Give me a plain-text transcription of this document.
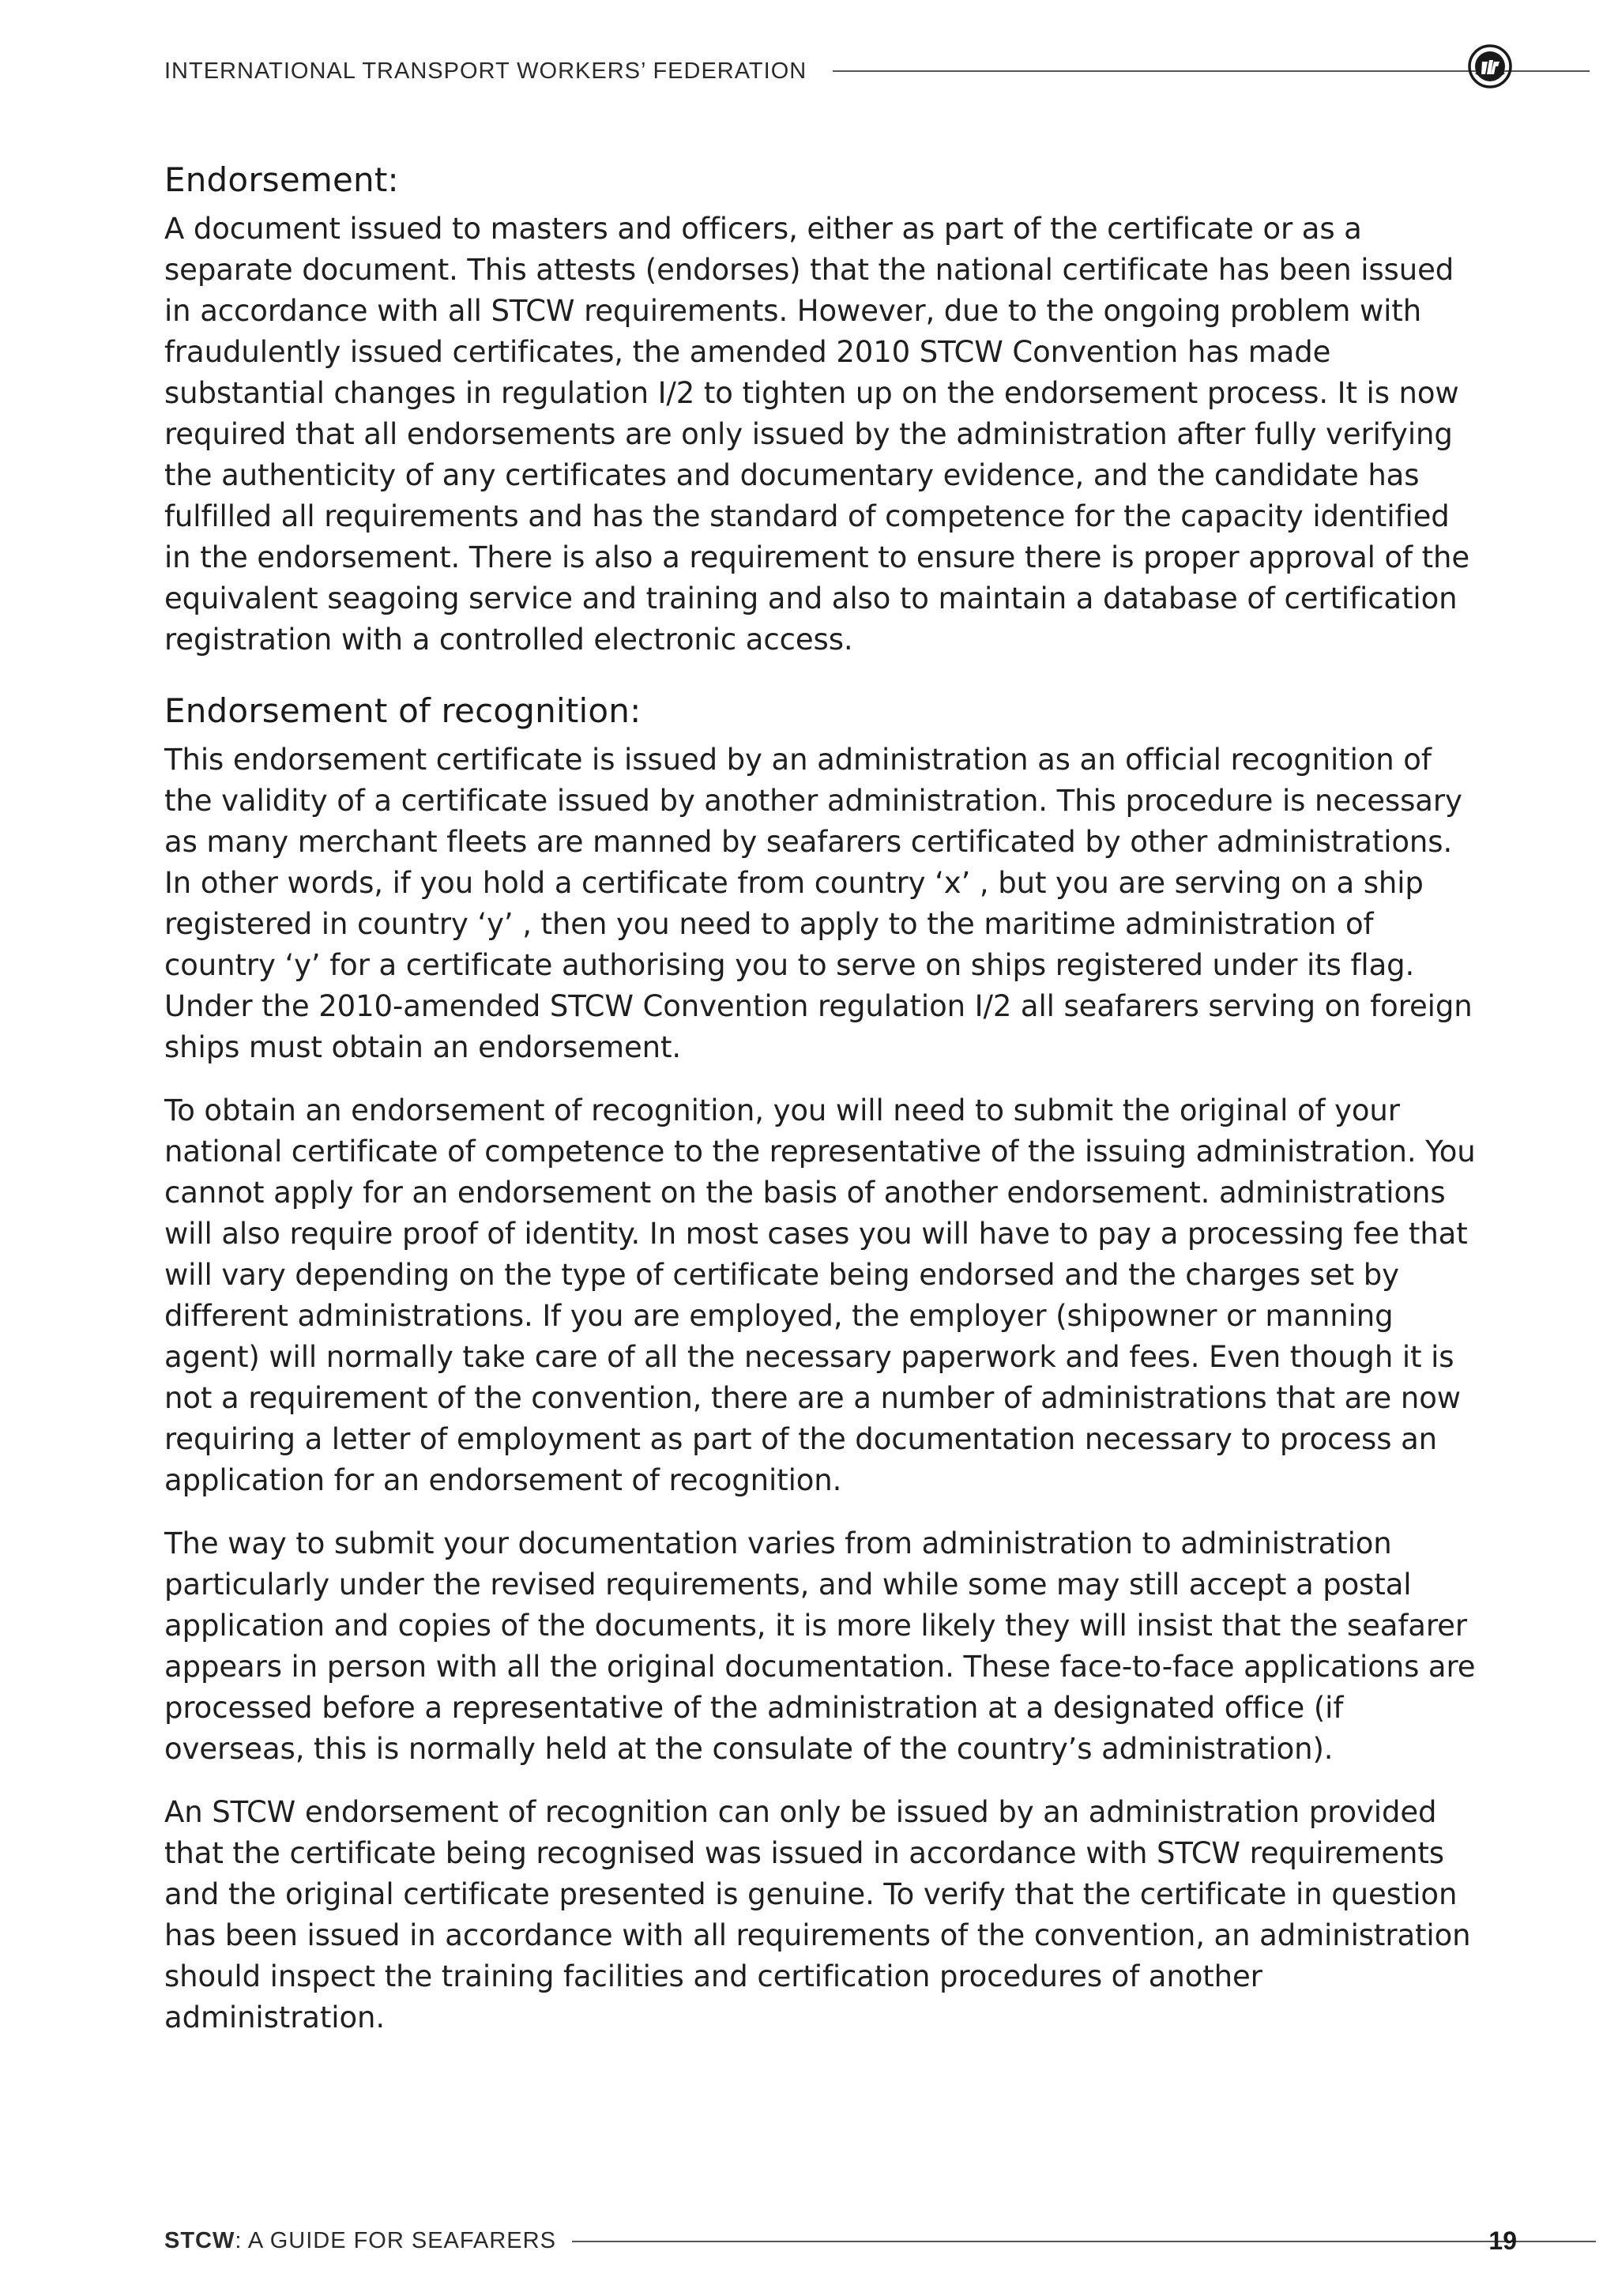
INTERNATIONAL TRANSPORT WORKERS’ FEDERATION
Endorsement:

A document issued to masters and officers, either as part of the certificate or as a separate document. This attests (endorses) that the national certificate has been issued in accordance with all STCW requirements. However, due to the ongoing problem with fraudulently issued certificates, the amended 2010 STCW Convention has made substantial changes in regulation I/2 to tighten up on the endorsement process. It is now required that all endorsements are only issued by the administration after fully verifying the authenticity of any certificates and documentary evidence, and the candidate has fulfilled all requirements and has the standard of competence for the capacity identified in the endorsement. There is also a requirement to ensure there is proper approval of the equivalent seagoing service and training and also to maintain a database of certification registration with a controlled electronic access.

Endorsement of recognition:

This endorsement certificate is issued by an administration as an official recognition of the validity of a certificate issued by another administration. This procedure is necessary as many merchant fleets are manned by seafarers certificated by other administrations. In other words, if you hold a certificate from country ‘x’ , but you are serving on a ship registered in country ‘y’ , then you need to apply to the maritime administration of country ‘y’ for a certificate authorising you to serve on ships registered under its flag. Under the 2010-amended STCW Convention regulation I/2 all seafarers serving on foreign ships must obtain an endorsement.

To obtain an endorsement of recognition, you will need to submit the original of your national certificate of competence to the representative of the issuing administration. You cannot apply for an endorsement on the basis of another endorsement. administrations will also require proof of identity. In most cases you will have to pay a processing fee that will vary depending on the type of certificate being endorsed and the charges set by different administrations. If you are employed, the employer (shipowner or manning agent) will normally take care of all the necessary paperwork and fees. Even though it is not a requirement of the convention, there are a number of administrations that are now requiring a letter of employment as part of the documentation necessary to process an application for an endorsement of recognition.

The way to submit your documentation varies from administration to administration particularly under the revised requirements, and while some may still accept a postal application and copies of the documents, it is more likely they will insist that the seafarer appears in person with all the original documentation. These face-to-face applications are processed before a representative of the administration at a designated office (if overseas, this is normally held at the consulate of the country’s administration).

An STCW endorsement of recognition can only be issued by an administration provided that the certificate being recognised was issued in accordance with STCW requirements and the original certificate presented is genuine. To verify that the certificate in question has been issued in accordance with all requirements of the convention, an administration should inspect the training facilities and certification procedures of another administration.

STCW: A GUIDE FOR SEAFARERS	19
